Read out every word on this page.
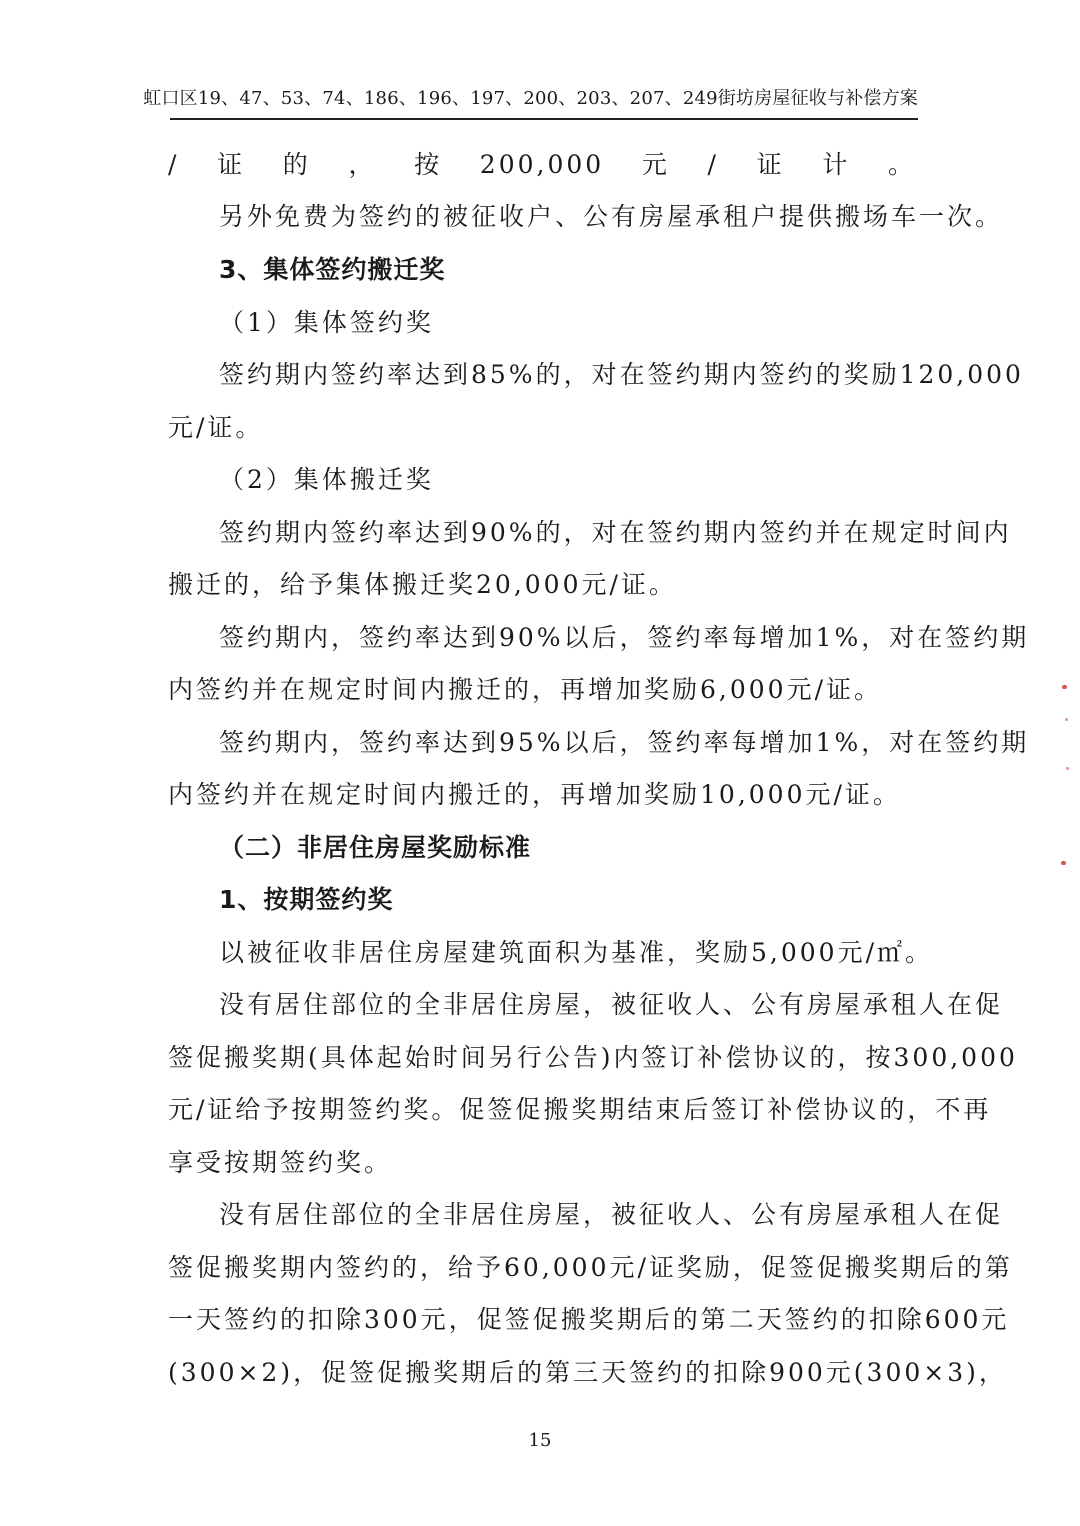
虹口区19、47、53、74、186、196、197、200、203、207、249街坊房屋征收与补偿方案
/证的，按200,000元/证计。
另外免费为签约的被征收户、公有房屋承租户提供搬场车一次。
3、集体签约搬迁奖
（1）集体签约奖
签约期内签约率达到85%的，对在签约期内签约的奖励120,000
元/证。
（2）集体搬迁奖
签约期内签约率达到90%的，对在签约期内签约并在规定时间内
搬迁的，给予集体搬迁奖20,000元/证。
签约期内，签约率达到90%以后，签约率每增加1%，对在签约期
内签约并在规定时间内搬迁的，再增加奖励6,000元/证。
签约期内，签约率达到95%以后，签约率每增加1%，对在签约期
内签约并在规定时间内搬迁的，再增加奖励10,000元/证。
（二）非居住房屋奖励标准
1、按期签约奖
以被征收非居住房屋建筑面积为基准，奖励5,000元/㎡。
没有居住部位的全非居住房屋，被征收人、公有房屋承租人在促
签促搬奖期(具体起始时间另行公告)内签订补偿协议的，按300,000
元/证给予按期签约奖。促签促搬奖期结束后签订补偿协议的，不再
享受按期签约奖。
没有居住部位的全非居住房屋，被征收人、公有房屋承租人在促
签促搬奖期内签约的，给予60,000元/证奖励，促签促搬奖期后的第
一天签约的扣除300元，促签促搬奖期后的第二天签约的扣除600元
(300×2)，促签促搬奖期后的第三天签约的扣除900元(300×3)，
15
